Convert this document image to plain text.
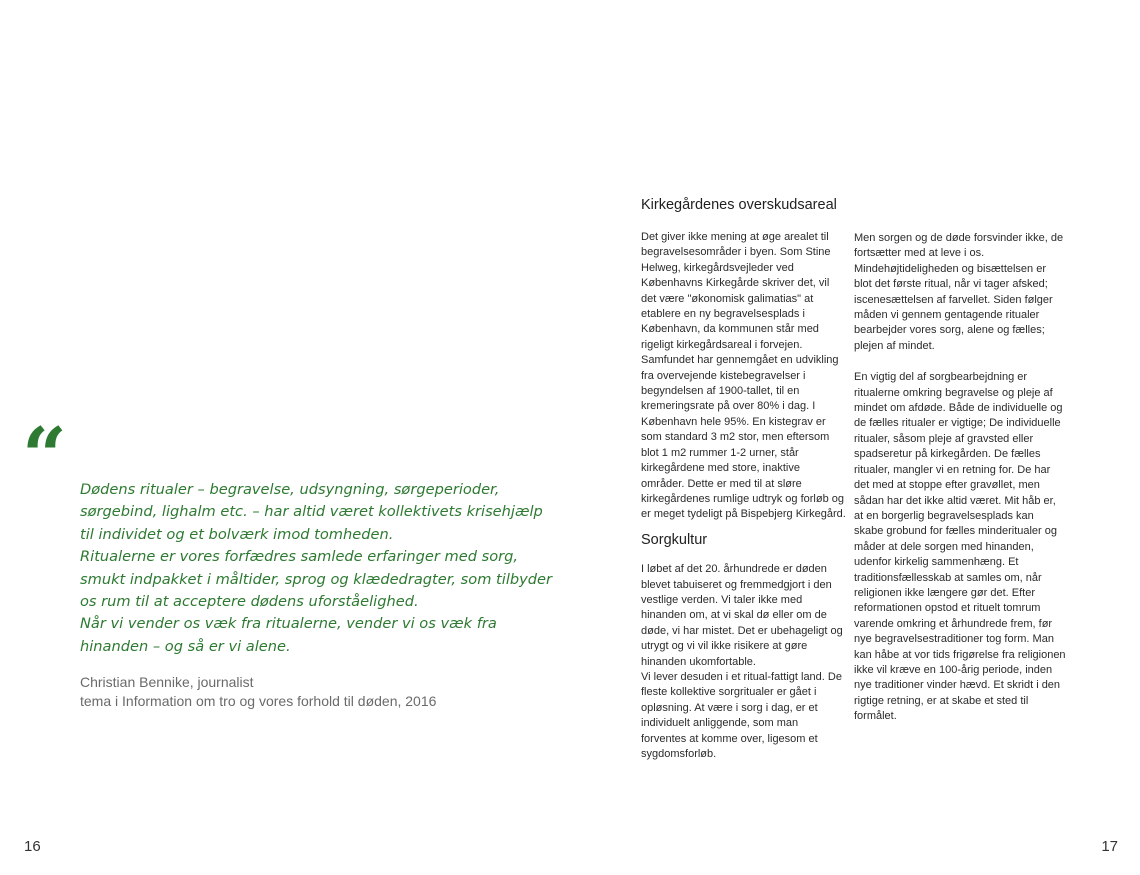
“ Dødens ritualer – begravelse, udsyngning, sørgeperioder, sørgebind, lighalm etc. – har altid været kollektivets krisehjælp til individet og et bolværk imod tomheden.

Ritualerne er vores forfædres samlede erfaringer med sorg, smukt indpakket i måltider, sprog og klædedragter, som tilbyder os rum til at acceptere dødens uforståelighed.

Når vi vender os væk fra ritualerne, vender vi os væk fra hinanden – og så er vi alene.

Christian Bennike, journalist

tema i Information om tro og vores forhold til døden, 2016

16

Kirkegårdenes overskudsareal

Det giver ikke mening at øge arealet til begravelsesområder i byen. Som Stine Helweg, kirkegårdsvejleder ved Københavns Kirkegårde skriver det, vil det være "økonomisk galimatias" at etablere en ny begravelsesplads i København, da kommunen står med rigeligt kirkegårdsareal i forvejen. Samfundet har gennemgået en udvikling fra overvejende kistebegravelser i begyndelsen af 1900-tallet, til en kremeringsrate på over 80% i dag. I København hele 95%. En kistegrav er som standard 3 m2 stor, men eftersom blot 1 m2 rummer 1-2 urner, står kirkegårdene med store, inaktive områder. Dette er med til at sløre kirkegårdenes rumlige udtryk og forløb og er meget tydeligt på Bispebjerg Kirkegård.

Sorgkultur

I løbet af det 20. århundrede er døden blevet tabuiseret og fremmedgjort i den vestlige verden. Vi taler ikke med hinanden om, at vi skal dø eller om de døde, vi har mistet. Det er ubehageligt og utrygt og vi vil ikke risikere at gøre hinanden ukomfortable.

Vi lever desuden i et ritual-fattigt land. De fleste kollektive sorgritualer er gået i opløsning. At være i sorg i dag, er et individuelt anliggende, som man forventes at komme over, ligesom et sygdomsforløb.

Men sorgen og de døde forsvinder ikke, de fortsætter med at leve i os. Mindehøjtideligheden og bisættelsen er blot det første ritual, når vi tager afsked; iscenesættelsen af farvellet. Siden følger måden vi gennem gentagende ritualer bearbejder vores sorg, alene og fælles; plejen af mindet.

En vigtig del af sorgbearbejdning er ritualerne omkring begravelse og pleje af mindet om afdøde. Både de individuelle og de fælles ritualer er vigtige; De individuelle ritualer, såsom pleje af gravsted eller spadseretur på kirkegården. De fælles ritualer, mangler vi en retning for. De har det med at stoppe efter gravøllet, men sådan har det ikke altid været. Mit håb er, at en borgerlig begravelsesplads kan skabe grobund for fælles minderitualer og måder at dele sorgen med hinanden, udenfor kirkelig sammenhæng. Et traditionsfællesskab at samles om, når religionen ikke længere gør det. Efter reformationen opstod et rituelt tomrum varende omkring et århundrede frem, før nye begravelsestraditioner tog form. Man kan håbe at vor tids frigørelse fra religionen ikke vil kræve en 100-årig periode, inden nye traditioner vinder hævd. Et skridt i den rigtige retning, er at skabe et sted til formålet.

17
